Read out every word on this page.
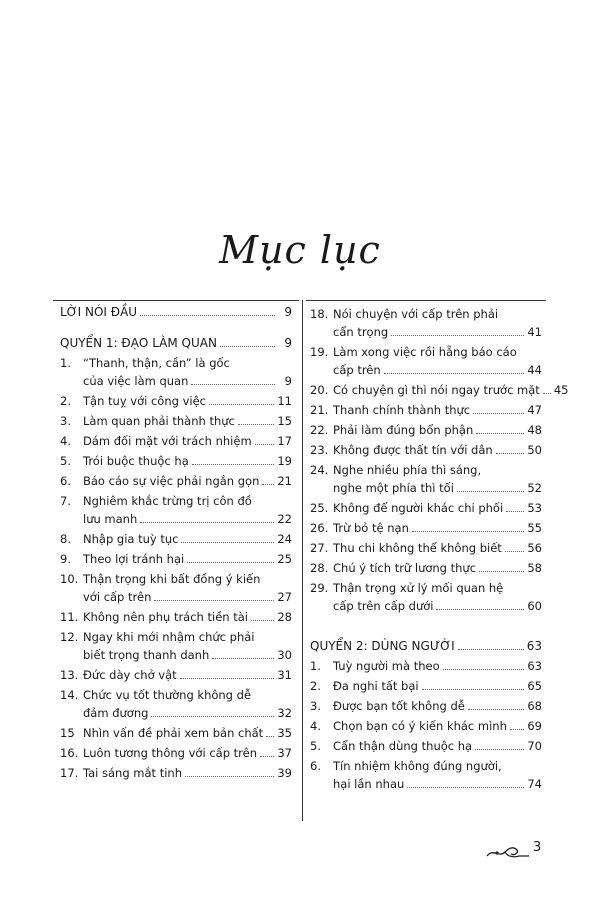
Mục lục
LỜI NÓI ĐẦU	9
QUYỂN 1: ĐẠO LÀM QUAN	9
1.	“Thanh, thận, cần” là gốc
của việc làm quan	9
2.	Tận tuỵ với công việc	11
3.	Làm quan phải thành thực	15
4.	Dám đối mặt với trách nhiệm 17
5.	Trói buộc thuộc hạ	19
6.	Báo cáo sự việc phải ngắn gọn 21
7.	Nghiêm khắc trừng trị côn đồ
lưu manh	22
8.	Nhập gia tuỳ tục	24
9.	Theo lợi tránh hại	25
10. Thận trọng khi bất đồng ý kiến
với cấp trên	27
11. Không nên phụ trách tiền tài	28
12. Ngay khi mới nhậm chức phải
biết trọng thanh danh	30
13. Đức dày chở vật	31
14. Chức vụ tốt thường không dễ
đảm đương	32
15 Nhìn vấn đề phải xem bản chất 35
16. Luôn tương thông với cấp trên 37
17. Tai sáng mắt tinh	39
18. Nói chuyện với cấp trên phải
cẩn trọng	41
19. Làm xong việc rồi hẵng báo cáo
cấp trên	44
20. Có chuyện gì thì nói ngay trước mặt 45
21. Thanh chính thành thực	47
22. Phải làm đúng bổn phận	48
23. Không được thất tín với dân	50
24. Nghe nhiều phía thì sáng,
nghe một phía thì tối	52
25. Không để người khác chi phối 53
26. Trừ bỏ tệ nạn	55
27. Thu chi không thể không biết 56
28. Chú ý tích trữ lương thực	58
29. Thận trọng xử lý mối quan hệ
cấp trên cấp dưới	60
QUYỂN 2: DÙNG NGƯỜI	63
1.	Tuỳ người mà theo	63
2.	Đa nghi tất bại	65
3.	Được bạn tốt không dễ	68
4.	Chọn bạn có ý kiến khác mình 69
5.	Cẩn thận dùng thuộc hạ	70
6.	Tín nhiệm không đúng người,
hại lần nhau	74
3
